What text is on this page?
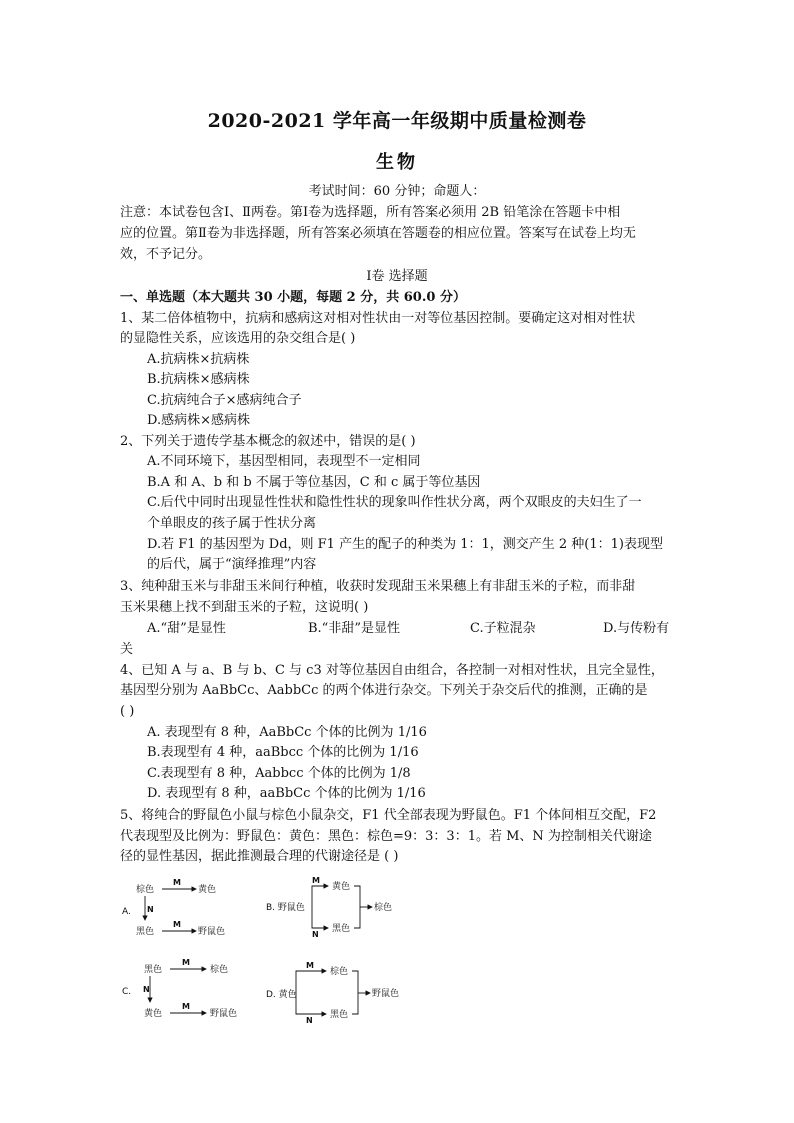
2020-2021 学年高一年级期中质量检测卷
生物
考试时间：60 分钟；命题人：
注意：本试卷包含Ⅰ、Ⅱ两卷。第Ⅰ卷为选择题，所有答案必须用 2B 铅笔涂在答题卡中相
应的位置。第Ⅱ卷为非选择题，所有答案必须填在答题卷的相应位置。答案写在试卷上均无
效，不予记分。
Ⅰ卷 选择题
一、单选题（本大题共 30 小题，每题 2 分，共 60.0 分）
1、某二倍体植物中，抗病和感病这对相对性状由一对等位基因控制。要确定这对相对性状
的显隐性关系，应该选用的杂交组合是( )
A.抗病株×抗病株
B.抗病株×感病株
C.抗病纯合子×感病纯合子
D.感病株×感病株
2、下列关于遗传学基本概念的叙述中，错误的是( )
A.不同环境下，基因型相同，表现型不一定相同
B.A 和 A、b 和 b 不属于等位基因，C 和 c 属于等位基因
C.后代中同时出现显性性状和隐性性状的现象叫作性状分离，两个双眼皮的夫妇生了一
个单眼皮的孩子属于性状分离
D.若 F1 的基因型为 Dd，则 F1 产生的配子的种类为 1：1，测交产生 2 种(1：1)表现型
的后代，属于“演绎推理”内容
3、纯种甜玉米与非甜玉米间行种植，收获时发现甜玉米果穗上有非甜玉米的子粒，而非甜
玉米果穗上找不到甜玉米的子粒，这说明( )
A.“甜”是显性	B.“非甜”是显性	C.子粒混杂	D.与传粉有
关
4、已知 A 与 a、B 与 b、C 与 c3 对等位基因自由组合，各控制一对相对性状，且完全显性，
基因型分别为 AaBbCc、AabbCc 的两个体进行杂交。下列关于杂交后代的推测，正确的是
( )
A. 表现型有 8 种，AaBbCc 个体的比例为 1/16
B.表现型有 4 种，aaBbcc 个体的比例为 1/16
C.表现型有 8 种，Aabbcc 个体的比例为 1/8
D. 表现型有 8 种，aaBbCc 个体的比例为 1/16
5、将纯合的野鼠色小鼠与棕色小鼠杂交，F1 代全部表现为野鼠色。F1 个体间相互交配，F2
代表现型及比例为：野鼠色：黄色：黑色：棕色=9：3：3：1。若 M、N 为控制相关代谢途
径的显性基因，据此推测最合理的代谢途径是 ( )
A.
棕色
M
黄色
N
黑色
M
野鼠色
B. 野鼠色
M
黄色
N
黑色
棕色
C.
黑色
M
棕色
N
黄色
M
野鼠色
D. 黄色
M
棕色
N
黑色
野鼠色
